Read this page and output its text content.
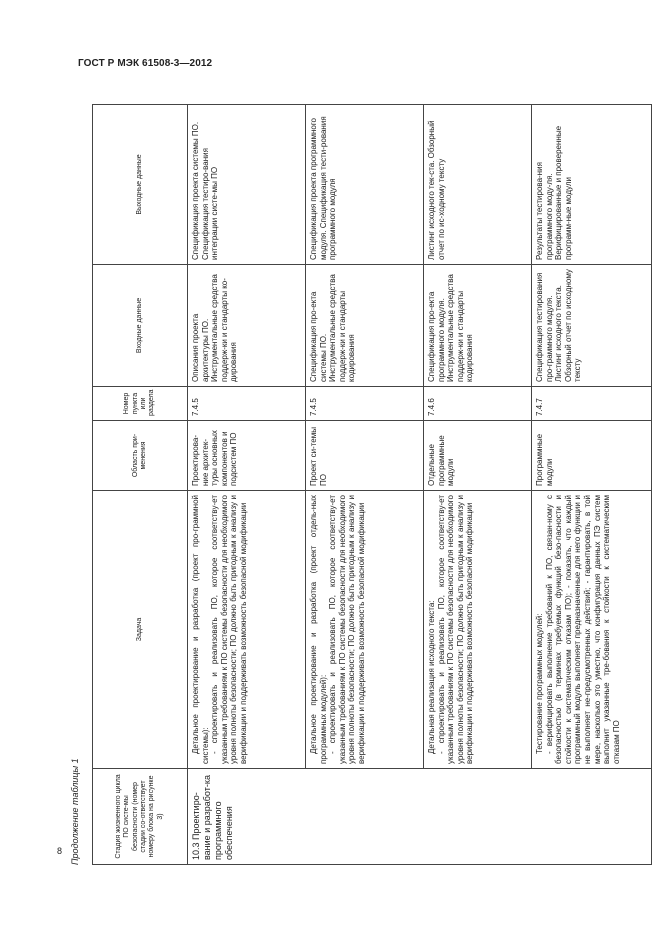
ГОСТ Р МЭК 61508-3—2012
8 Продолжение таблицы 1	Стадия жизненного цикла ПО систе-мы безопасности (номер стадии со-ответствует номеру блока на рисунке 3)	Задача	Область при-менения	Номер пункта или раздела	Входные данные	Выходные данные
10.3 Проектиро-вание и разработ-ка программного обеспечения	Детальное проектирование и разработка (проект про-граммной системы): - спроектировать и реализовать ПО, которое соответству-ет указанным требованиям к ПО системы безопасности для необходимого уровня полноты безопасности; ПО должно быть пригодным к анализу и верификации и поддерживать возможность безопасной модификации	Проектирова-ние архитек-туры основных компонентов и подсистем ПО	7.4.5	Описания проекта архитектуры ПО. Инструментальные средства поддерж-ки и стандарты ко-дирования	Спецификация проекта системы ПО. Спецификация тестиро-вания интеграции систе-мы ПО

	Детальное проектирование и разработка (проект отдель-ных программных модулей): - спроектировать и реализовать ПО, которое соответству-ет указанным требованиям к ПО системы безопасности для необходимого уровня полноты безопасности; ПО должно быть пригодным к анализу и верификации и поддерживать возможность безопасной модификации	Проект си-темы ПО	7.4.5	Спецификация про-екта системы ПО. Инструментальные средства поддерж-ки и стандарты кодирования	Спецификация проекта программного модуля. Спецификация тести-рования программного модуля

	Детальная реализация исходного текста: - спроектировать и реализовать ПО, которое соответству-ет указанным требованиям к ПО системы безопасности для необходимого уровня полноты безопасности; ПО должно быть пригодным к анализу и верификации и поддерживать возможность безопасной модификации	Отдельные программные модули	7.4.6	Спецификация про-екта программного модуля. Инструментальные средства поддерж-ки и стандарты кодирования	Листинг исходного тек-ста. Обзорный отчет по ис-ходному тексту

	Тестирование программных модулей: - верифицировать выполнение требований к ПО, связан-ному с безопасностью (в терминах требуемых функций безо-пасности и стойкости к систематическим отказам ПО); - показать, что каждый программный модуль выполняет предназначенные для него функции и не выполняет не-предусмотренных действий; - гарантировать, в той мере, насколько это уместно, что конфигурация данных ПЭ систем выполнит указанные тре-бования к стойкости к систематическим отказам ПО	Программные модули	7.4.7	Спецификация тестирования про-граммного модуля. Листинг исходного текста. Обзорный отчет по исходному тексту	Результаты тестирова-ния программного моду-ля. Верифицированные и проверенные программ-ные модули
